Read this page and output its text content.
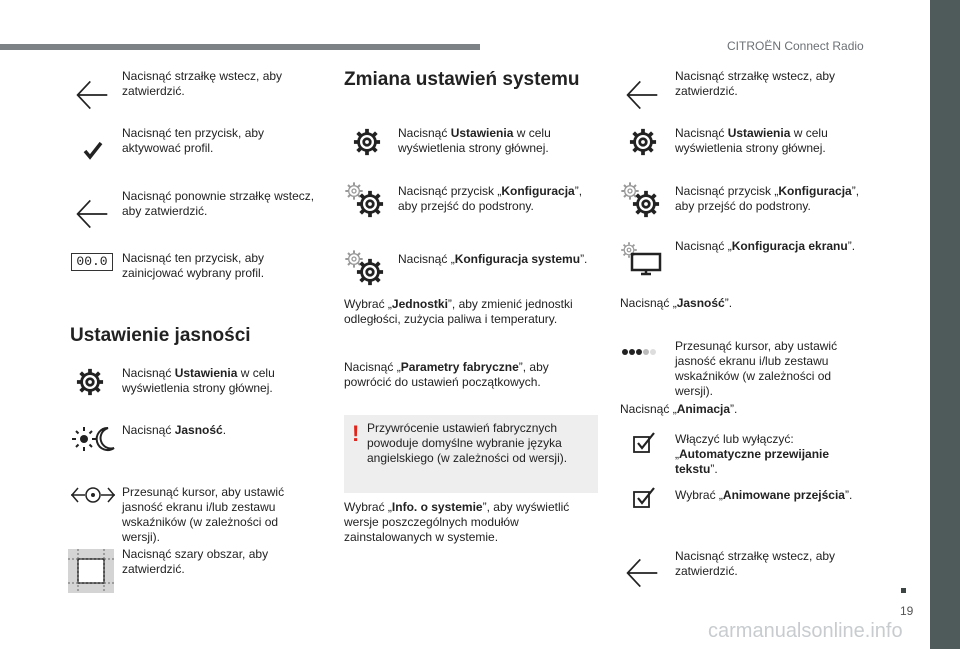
CITROËN Connect Radio
19
carmanualsonline.info
Nacisnąć strzałkę wstecz, aby zatwierdzić.
Nacisnąć ten przycisk, aby aktywować profil.
Nacisnąć ponownie strzałkę wstecz, aby zatwierdzić.
00.0	Nacisnąć ten przycisk, aby zainicjować wybrany profil.
Ustawienie jasności
Nacisnąć Ustawienia w celu wyświetlenia strony głównej.
Nacisnąć Jasność.
Przesunąć kursor, aby ustawić jasność ekranu i/lub zestawu wskaźników (w zależności od wersji).
Nacisnąć szary obszar, aby zatwierdzić.
Zmiana ustawień systemu
Nacisnąć Ustawienia w celu wyświetlenia strony głównej.
Nacisnąć przycisk „Konfiguracja”, aby przejść do podstrony.
Nacisnąć „Konfiguracja systemu”.
Wybrać „Jednostki”, aby zmienić jednostki odległości, zużycia paliwa i temperatury.
Nacisnąć „Parametry fabryczne”, aby powrócić do ustawień początkowych.
! Przywrócenie ustawień fabrycznych powoduje domyślne wybranie języka angielskiego (w zależności od wersji).
Wybrać „Info. o systemie”, aby wyświetlić wersje poszczególnych modułów zainstalowanych w systemie.
Nacisnąć strzałkę wstecz, aby zatwierdzić.
Nacisnąć Ustawienia w celu wyświetlenia strony głównej.
Nacisnąć przycisk „Konfiguracja”, aby przejść do podstrony.
Nacisnąć „Konfiguracja ekranu”.
Nacisnąć „Jasność”.
Przesunąć kursor, aby ustawić jasność ekranu i/lub zestawu wskaźników (w zależności od wersji).
Nacisnąć „Animacja”.
Włączyć lub wyłączyć: „Automatyczne przewijanie tekstu”.
Wybrać „Animowane przejścia”.
Nacisnąć strzałkę wstecz, aby zatwierdzić.
